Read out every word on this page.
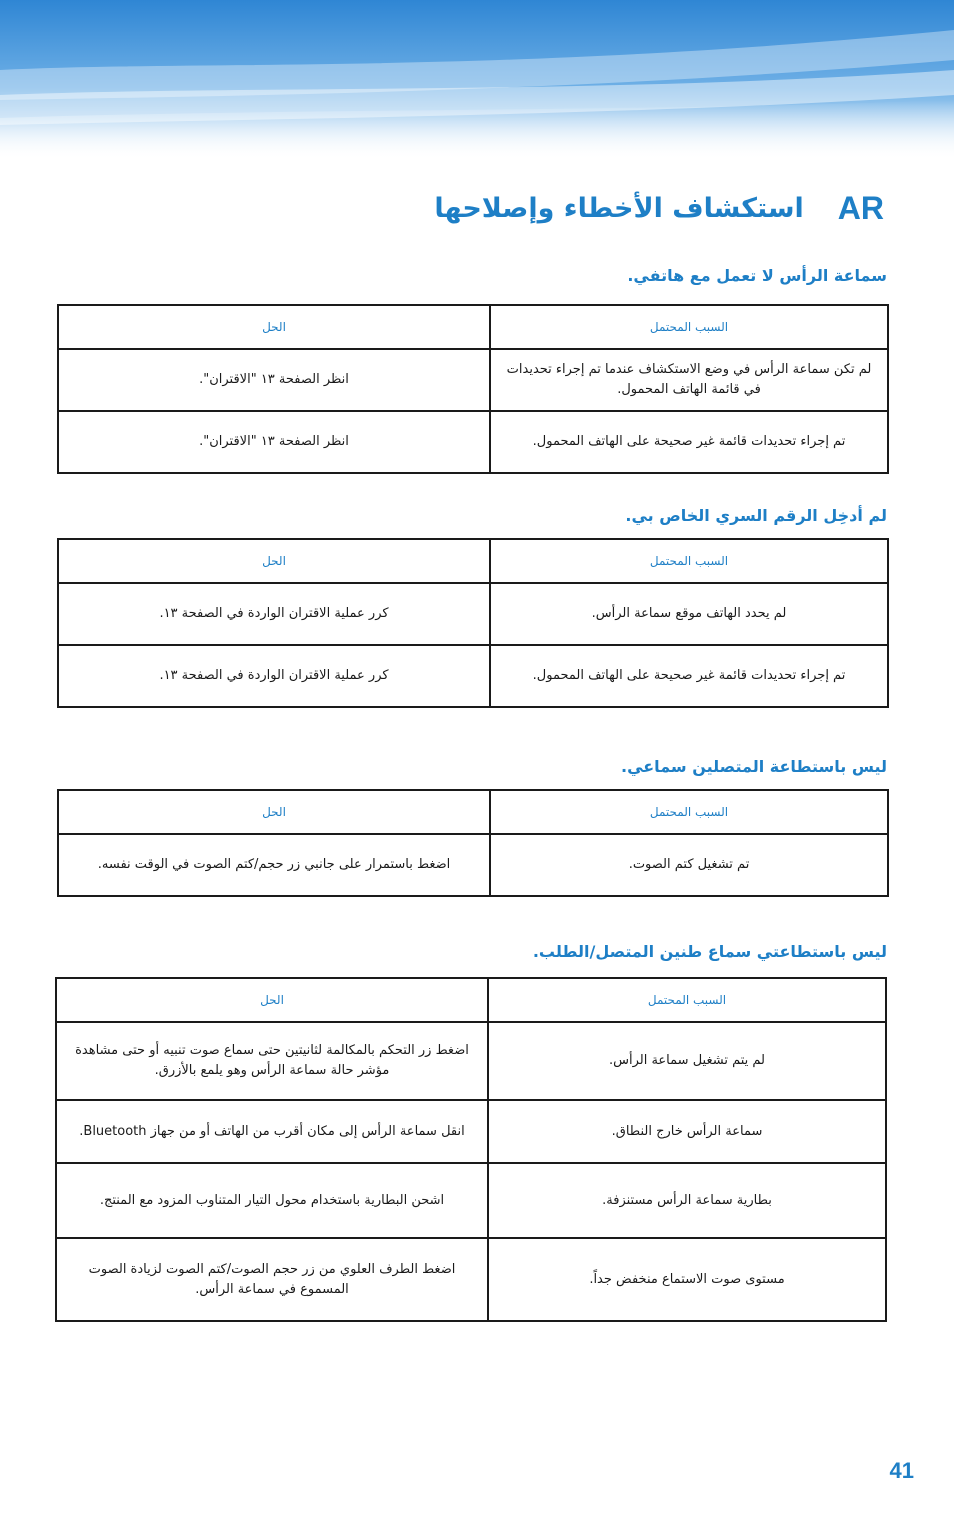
AR
استكشاف الأخطاء وإصلاحها
سماعة الرأس لا تعمل مع هاتفي.
السبب المحتمل	الحل
لم تكن سماعة الرأس في وضع الاستكشاف عندما تم إجراء تحديدات في قائمة الهاتف المحمول.	انظر الصفحة ١٣ "الاقتران".
تم إجراء تحديدات قائمة غير صحيحة على الهاتف المحمول.	انظر الصفحة ١٣ "الاقتران".
لم أدخِل الرقم السري الخاص بي.
السبب المحتمل	الحل
لم يحدد الهاتف موقع سماعة الرأس.	كرر عملية الاقتران الواردة في الصفحة ١٣.
تم إجراء تحديدات قائمة غير صحيحة على الهاتف المحمول.	كرر عملية الاقتران الواردة في الصفحة ١٣.
ليس باستطاعة المتصلين سماعي.
السبب المحتمل	الحل
تم تشغيل كتم الصوت.	اضغط باستمرار على جانبي زر حجم/كتم الصوت في الوقت نفسه.
ليس باستطاعتي سماع طنين المتصل/الطلب.
السبب المحتمل	الحل
لم يتم تشغيل سماعة الرأس.	اضغط زر التحكم بالمكالمة لثانيتين حتى سماع صوت تنبيه أو حتى مشاهدة مؤشر حالة سماعة الرأس وهو يلمع بالأزرق.
سماعة الرأس خارج النطاق.	انقل سماعة الرأس إلى مكان أقرب من الهاتف أو من جهاز Bluetooth.
بطارية سماعة الرأس مستنزفة.	اشحن البطارية باستخدام محول التيار المتناوب المزود مع المنتج.
مستوى صوت الاستماع منخفض جداً.	اضغط الطرف العلوي من زر حجم الصوت/كتم الصوت لزيادة الصوت المسموع في سماعة الرأس.
41
